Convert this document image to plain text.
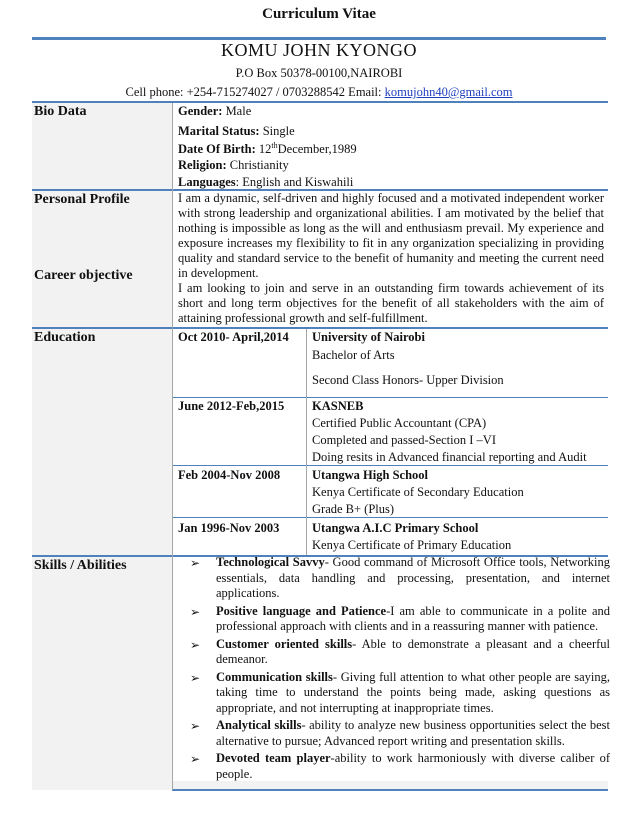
Curriculum Vitae
KOMU JOHN KYONGO
P.O Box 50378-00100,NAIROBI
Cell phone: +254-715274027 / 0703288542 Email: komujohn40@gmail.com
Bio Data	Gender: Male
Marital Status: Single
Date Of Birth: 12thDecember,1989
Religion: Christianity
Languages: English and Kiswahili
Personal Profile	I am a dynamic, self-driven and highly focused and a motivated independent worker with strong leadership and organizational abilities. I am motivated by the belief that nothing is impossible as long as the will and enthusiasm prevail. My experience and exposure increases my flexibility to fit in any organization specializing in providing quality and standard service to the benefit of humanity and meeting the current need in development.
Career objective
I am looking to join and serve in an outstanding firm towards achievement of its short and long term objectives for the benefit of all stakeholders with the aim of attaining professional growth and self-fulfillment.
Education	Oct 2010- April,2014 University of Nairobi
Bachelor of Arts
Second Class Honors- Upper Division
June 2012-Feb,2015 KASNEB
Certified Public Accountant (CPA)
Completed and passed-Section I –VI
Doing resits in Advanced financial reporting and Audit
Feb 2004-Nov 2008	Utangwa High School
Kenya Certificate of Secondary Education
Grade B+ (Plus)
Jan 1996-Nov 2003	Utangwa A.I.C Primary School
Kenya Certificate of Primary Education
Skills / Abilities	➢	Technological Savvy- Good command of Microsoft Office tools, Networking essentials, data handling and processing, presentation, and internet applications.
➢	Positive language and Patience-I am able to communicate in a polite and professional approach with clients and in a reassuring manner with patience.
➢	Customer oriented skills- Able to demonstrate a pleasant and a cheerful demeanor.
➢	Communication skills- Giving full attention to what other people are saying, taking time to understand the points being made, asking questions as appropriate, and not interrupting at inappropriate times.
➢	Analytical skills- ability to analyze new business opportunities select the best alternative to pursue; Advanced report writing and presentation skills.
➢	Devoted team player-ability to work harmoniously with diverse caliber of people.
